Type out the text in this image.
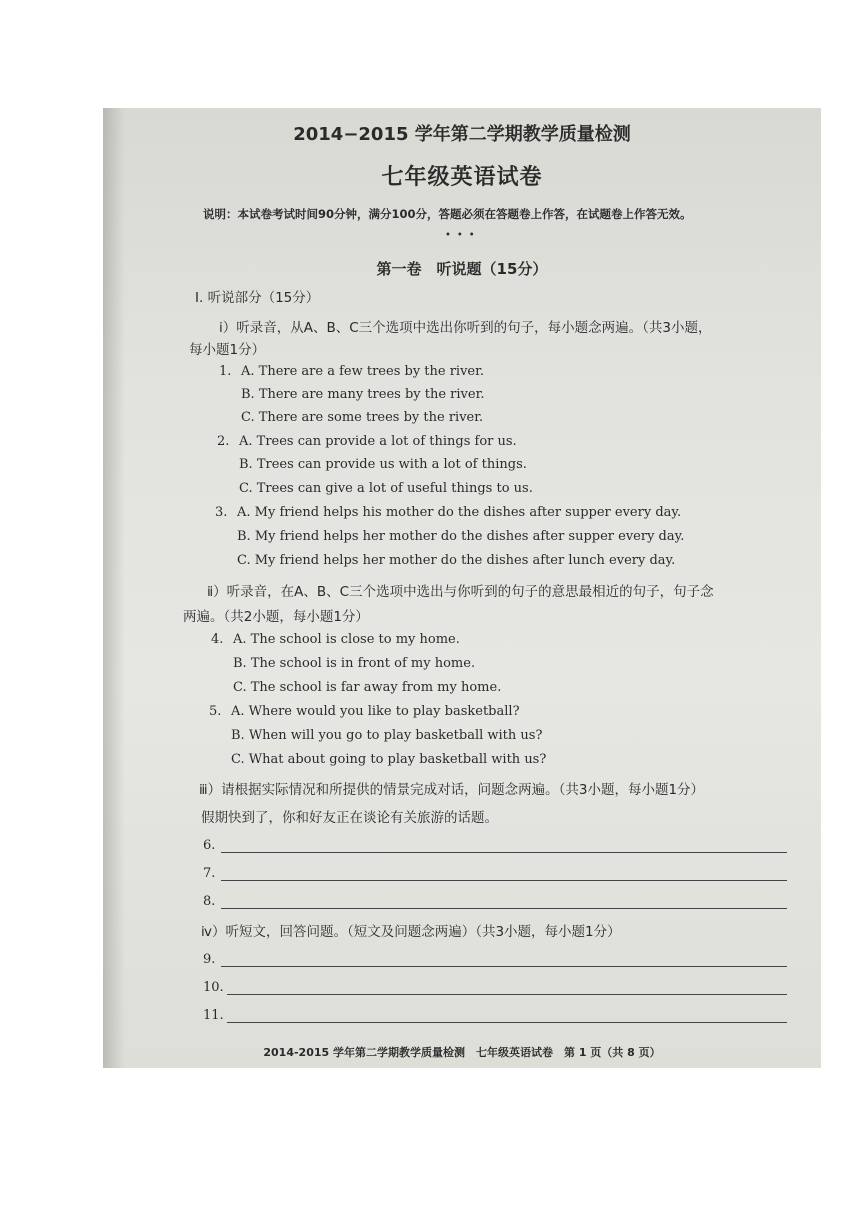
2014−2015 学年第二学期教学质量检测
七年级英语试卷
说明：本试卷考试时间90分钟，满分100分，答题必须在答题卷上作答，在试题卷上作答无效。
•••
第一卷　听说题（15分）
Ⅰ. 听说部分（15分）
ⅰ）听录音，从A、B、C三个选项中选出你听到的句子，每小题念两遍。（共3小题，
每小题1分）
1. A. There are a few trees by the river.
B. There are many trees by the river.
C. There are some trees by the river.
2. A. Trees can provide a lot of things for us.
B. Trees can provide us with a lot of things.
C. Trees can give a lot of useful things to us.
3. A. My friend helps his mother do the dishes after supper every day.
B. My friend helps her mother do the dishes after supper every day.
C. My friend helps her mother do the dishes after lunch every day.
ⅱ）听录音，在A、B、C三个选项中选出与你听到的句子的意思最相近的句子，句子念
两遍。（共2小题，每小题1分）
4. A. The school is close to my home.
B. The school is in front of my home.
C. The school is far away from my home.
5. A. Where would you like to play basketball?
B. When will you go to play basketball with us?
C. What about going to play basketball with us?
ⅲ）请根据实际情况和所提供的情景完成对话，问题念两遍。（共3小题，每小题1分）
假期快到了，你和好友正在谈论有关旅游的话题。
6.
7.
8.
ⅳ）听短文，回答问题。（短文及问题念两遍）（共3小题，每小题1分）
9.
10.
11.
2014-2015 学年第二学期教学质量检测　七年级英语试卷　第 1 页（共 8 页）
